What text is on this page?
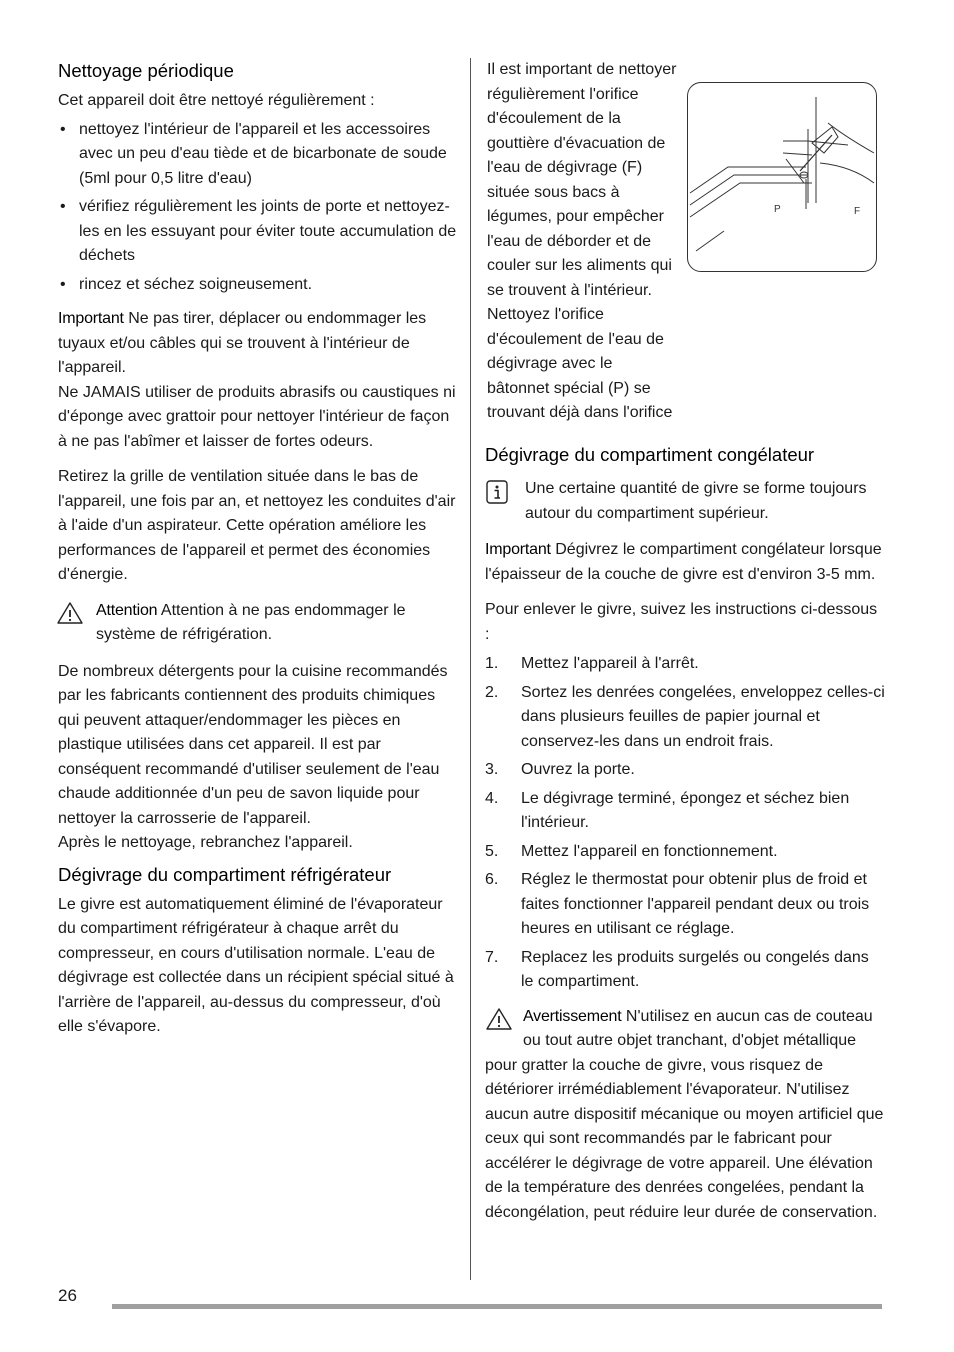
Nettoyage périodique

Cet appareil doit être nettoyé régulièrement :

• nettoyez l'intérieur de l'appareil et les accessoires avec un peu d'eau tiède et de bicarbonate de soude (5ml pour 0,5 litre d'eau)
• vérifiez régulièrement les joints de porte et nettoyez-les en les essuyant pour éviter toute accumulation de déchets
• rincez et séchez soigneusement.

Important Ne pas tirer, déplacer ou endommager les tuyaux et/ou câbles qui se trouvent à l'intérieur de l'appareil.

Ne JAMAIS utiliser de produits abrasifs ou caustiques ni d'éponge avec grattoir pour nettoyer l'intérieur de façon à ne pas l'abîmer et laisser de fortes odeurs.

Retirez la grille de ventilation située dans le bas de l'appareil, une fois par an, et nettoyez les conduites d'air à l'aide d'un aspirateur. Cette opération améliore les performances de l'appareil et permet des économies d'énergie.

Attention Attention à ne pas endommager le système de réfrigération.

De nombreux détergents pour la cuisine recommandés par les fabricants contiennent des produits chimiques qui peuvent attaquer/endommager les pièces en plastique utilisées dans cet appareil. Il est par conséquent recommandé d'utiliser seulement de l'eau chaude additionnée d'un peu de savon liquide pour nettoyer la carrosserie de l'appareil.

Après le nettoyage, rebranchez l'appareil.

Dégivrage du compartiment réfrigérateur

Le givre est automatiquement éliminé de l'évaporateur du compartiment réfrigérateur à chaque arrêt du compresseur, en cours d'utilisation normale. L'eau de dégivrage est collectée dans un récipient spécial situé à l'arrière de l'appareil, au-dessus du compresseur, d'où elle s'évapore.

Il est important de nettoyer régulièrement l'orifice d'écoulement de la gouttière d'évacuation de l'eau de dégivrage (F) située sous bacs à légumes, pour empêcher l'eau de déborder et de couler sur les aliments qui se trouvent à l'intérieur. Nettoyez l'orifice d'écoulement de l'eau de dégivrage avec le bâtonnet spécial (P) se trouvant déjà dans l'orifice
P	F
Dégivrage du compartiment congélateur
Une certaine quantité de givre se forme toujours autour du compartiment supérieur.

Important Dégivrez le compartiment congélateur lorsque l'épaisseur de la couche de givre est d'environ 3-5 mm.

Pour enlever le givre, suivez les instructions ci-dessous :

1. Mettez l'appareil à l'arrêt.
2. Sortez les denrées congelées, enveloppez celles-ci dans plusieurs feuilles de papier journal et conservez-les dans un endroit frais.
3. Ouvrez la porte.
4. Le dégivrage terminé, épongez et séchez bien l'intérieur.
5. Mettez l'appareil en fonctionnement.
6. Réglez le thermostat pour obtenir plus de froid et faites fonctionner l'appareil pendant deux ou trois heures en utilisant ce réglage.
7. Replacez les produits surgelés ou congelés dans le compartiment.
Avertissement N'utilisez en aucun cas de couteau ou tout autre objet tranchant, d'objet métallique pour gratter la couche de givre, vous risquez de détériorer irrémédiablement l'évaporateur. N'utilisez aucun autre dispositif mécanique ou moyen artificiel que ceux qui sont recommandés par le fabricant pour accélérer le dégivrage de votre appareil. Une élévation de la température des denrées congelées, pendant la décongélation, peut réduire leur durée de conservation.
26
